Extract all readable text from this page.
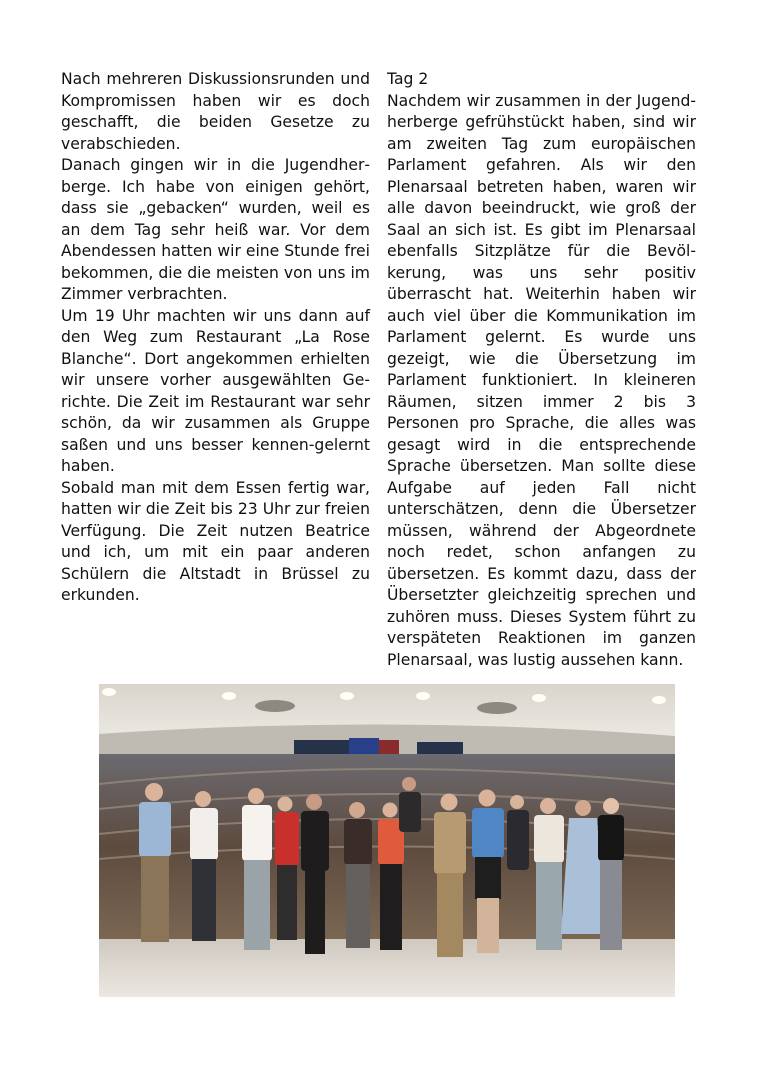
Nach mehreren Diskussionsrunden und Kompromissen haben wir es doch geschafft, die beiden Gesetze zu verabschieden.

Danach gingen wir in die Jugendherberge. Ich habe von einigen gehört, dass sie „gebacken“ wurden, weil es an dem Tag sehr heiß war. Vor dem Abendessen hatten wir eine Stunde frei bekommen, die die meisten von uns im Zimmer verbrachten.

Um 19 Uhr machten wir uns dann auf den Weg zum Restaurant „La Rose Blanche“. Dort angekommen erhielten wir unsere vorher ausgewählten Gerichte. Die Zeit im Restaurant war sehr schön, da wir zusammen als Gruppe saßen und uns besser kennen-gelernt haben.

Sobald man mit dem Essen fertig war, hatten wir die Zeit bis 23 Uhr zur freien Verfügung. Die Zeit nutzen Beatrice und ich, um mit ein paar anderen Schülern die Altstadt in Brüssel zu erkunden.

Tag 2

Nachdem wir zusammen in der Jugendherberge gefrühstückt haben, sind wir am zweiten Tag zum europäischen Parlament gefahren. Als wir den Plenarsaal betreten haben, waren wir alle davon beeindruckt, wie groß der Saal an sich ist. Es gibt im Plenarsaal ebenfalls Sitzplätze für die Bevölkerung, was uns sehr positiv überrascht hat. Weiterhin haben wir auch viel über die Kommunikation im Parlament gelernt. Es wurde uns gezeigt, wie die Übersetzung im Parlament funktioniert. In kleineren Räumen, sitzen immer 2 bis 3 Personen pro Sprache, die alles was gesagt wird in die entsprechende Sprache übersetzen. Man sollte diese Aufgabe auf jeden Fall nicht unterschätzen, denn die Übersetzer müssen, während der Abgeordnete noch redet, schon anfangen zu übersetzen. Es kommt dazu, dass der Übersetzter gleichzeitig sprechen und zuhören muss. Dieses System führt zu verspäteten Reaktionen im ganzen Plenarsaal, was lustig aussehen kann.
